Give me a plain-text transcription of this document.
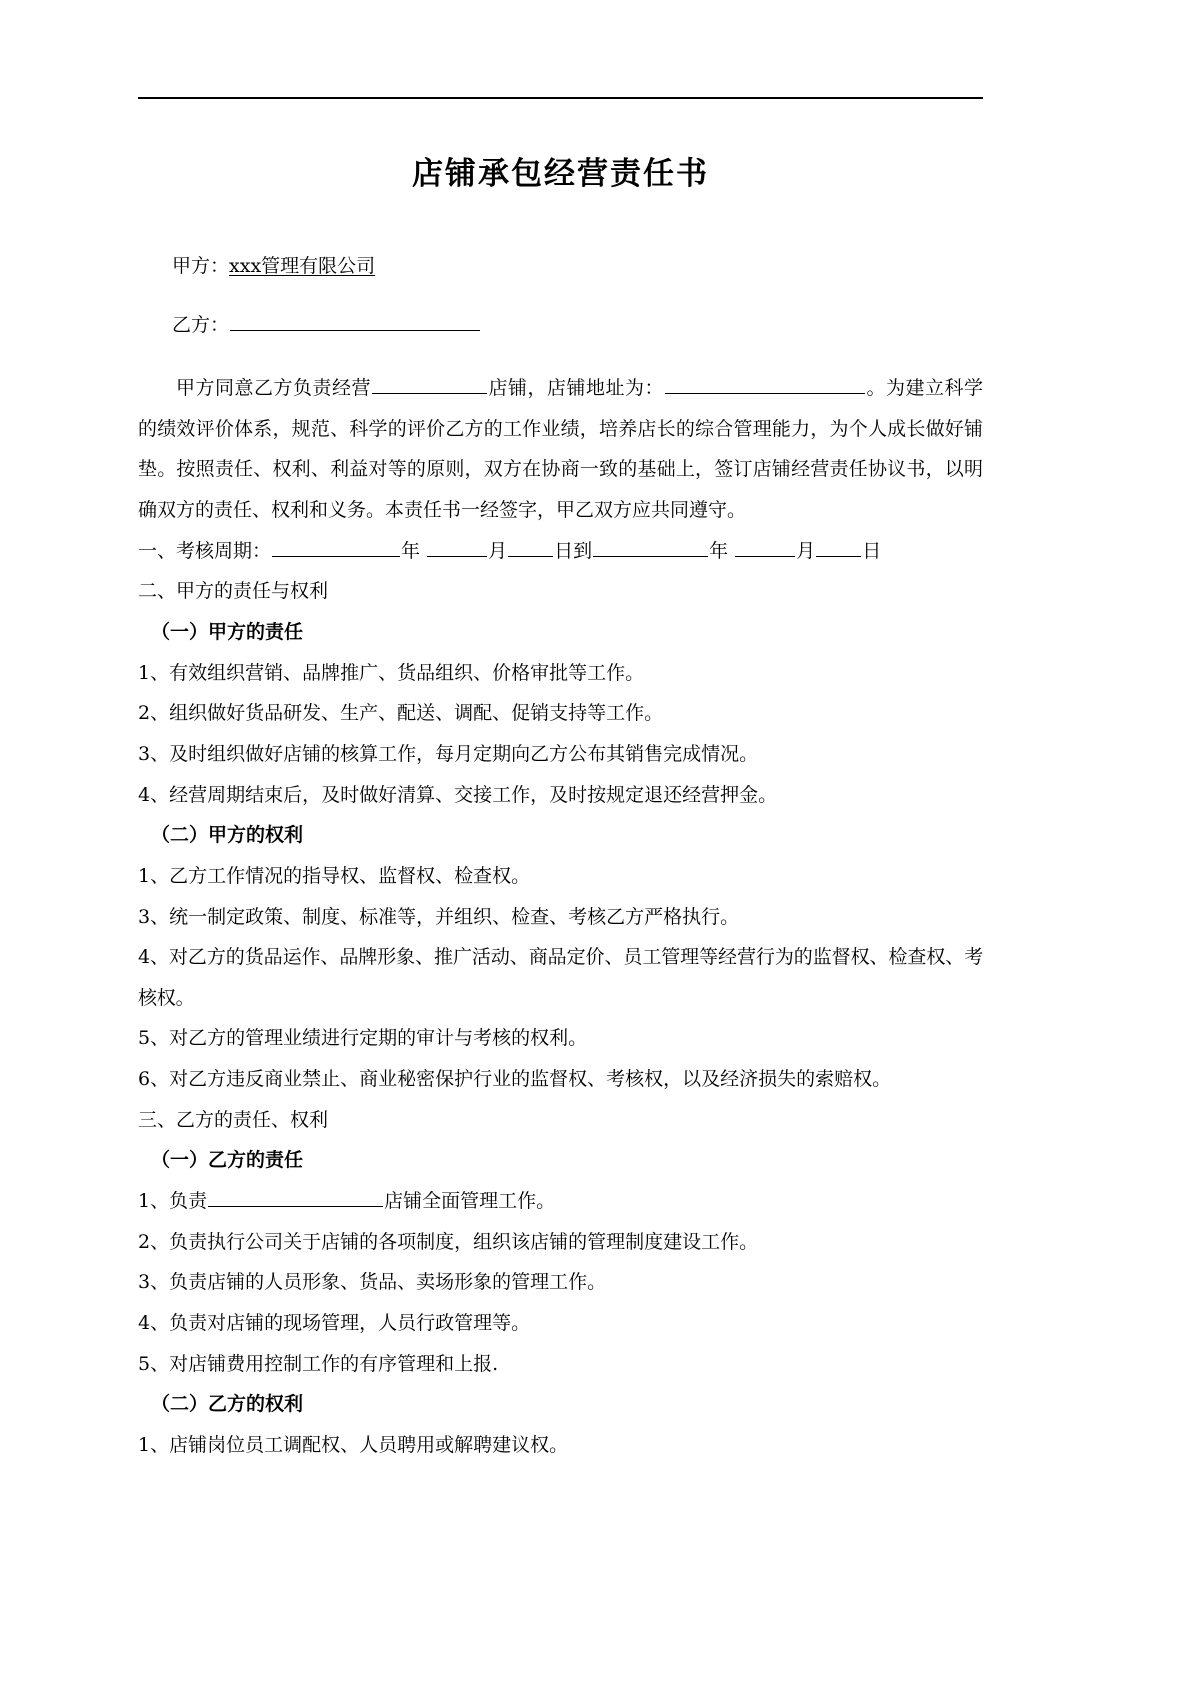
店铺承包经营责任书

甲方：xxx管理有限公司

乙方：

甲方同意乙方负责经营	店铺，店铺地址为：	。为建立科学的绩效评价体系，规范、科学的评价乙方的工作业绩，培养店长的综合管理能力，为个人成长做好铺垫。按照责任、权利、利益对等的原则，双方在协商一致的基础上，签订店铺经营责任协议书，以明确双方的责任、权利和义务。本责任书一经签字，甲乙双方应共同遵守。

一、考核周期：	年	月 日到	年	月 日

二、甲方的责任与权利

（一）甲方的责任

1、有效组织营销、品牌推广、货品组织、价格审批等工作。

2、组织做好货品研发、生产、配送、调配、促销支持等工作。

3、及时组织做好店铺的核算工作，每月定期向乙方公布其销售完成情况。

4、经营周期结束后，及时做好清算、交接工作，及时按规定退还经营押金。

（二）甲方的权利

1、乙方工作情况的指导权、监督权、检查权。

3、统一制定政策、制度、标准等，并组织、检查、考核乙方严格执行。

4、对乙方的货品运作、品牌形象、推广活动、商品定价、员工管理等经营行为的监督权、检查权、考核权。

5、对乙方的管理业绩进行定期的审计与考核的权利。

6、对乙方违反商业禁止、商业秘密保护行业的监督权、考核权，以及经济损失的索赔权。

三、乙方的责任、权利

（一）乙方的责任

1、负责	店铺全面管理工作。

2、负责执行公司关于店铺的各项制度，组织该店铺的管理制度建设工作。

3、负责店铺的人员形象、货品、卖场形象的管理工作。

4、负责对店铺的现场管理，人员行政管理等。

5、对店铺费用控制工作的有序管理和上报.

（二）乙方的权利

1、店铺岗位员工调配权、人员聘用或解聘建议权。
